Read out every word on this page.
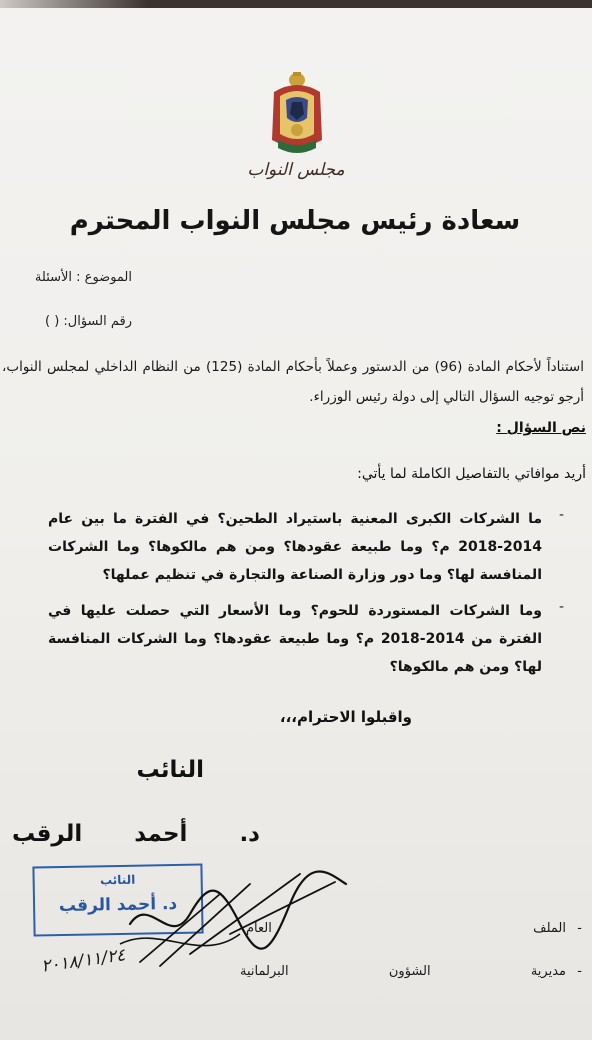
مجلس النواب
سعادة رئيس مجلس النواب المحترم
الموضوع : الأسئلة
رقم السؤال: ( )
استناداً لأحكام المادة (96) من الدستور وعملاً بأحكام المادة (125) من النظام الداخلي لمجلس النواب، أرجو توجيه السؤال التالي إلى دولة رئيس الوزراء.
نص السؤال :
أريد موافاتي بالتفاصيل الكاملة لما يأتي:
-
ما الشركات الكبرى المعنية باستيراد الطحين؟ في الفترة ما بين عام 2014-2018 م؟ وما طبيعة عقودها؟ ومن هم مالكوها؟ وما الشركات المنافسة لها؟ وما دور وزارة الصناعة والتجارة في تنظيم عملها؟
-
وما الشركات المستوردة للحوم؟ وما الأسعار التي حصلت عليها في الفترة من 2014-2018 م؟ وما طبيعة عقودها؟ وما الشركات المنافسة لها؟ ومن هم مالكوها؟
واقبلوا الاحترام،،،
النائب
د. أحمد الرقب
النائب
د. أحمد الرقب
٢٠١٨/١١/٢٤
-
الملف العام
-
مديرية الشؤون البرلمانية
